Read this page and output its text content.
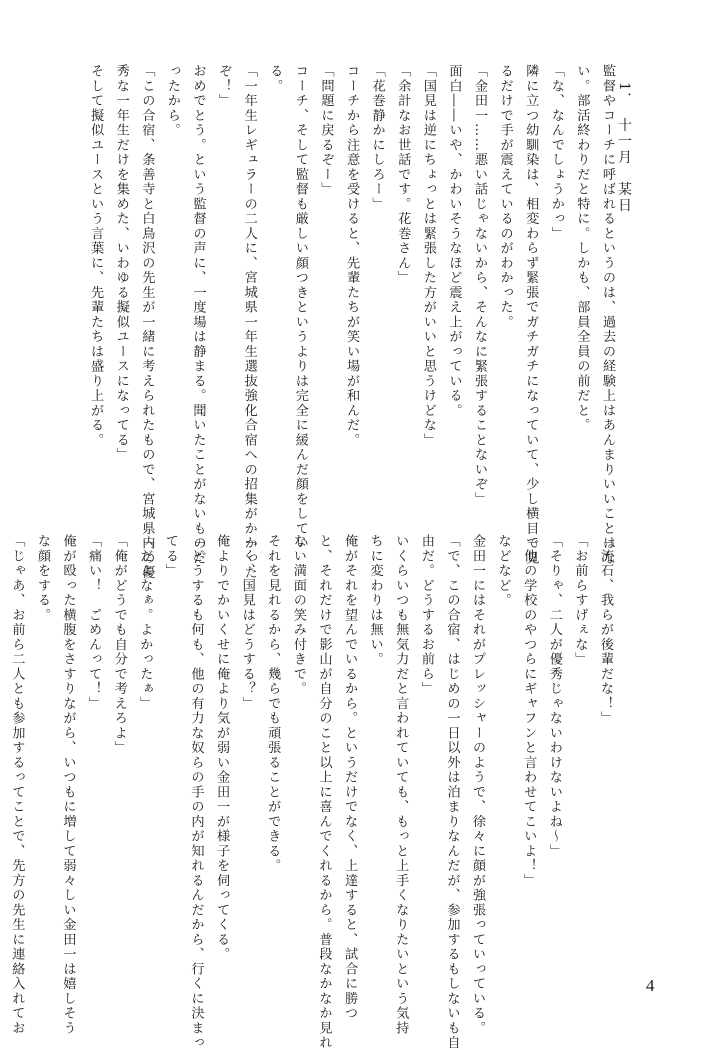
1．　十一月　某日
監督やコーチに呼ばれるというのは、過去の経験上はあんまりいいことはな
い。部活終わりだと特に。しかも、部員全員の前だと。
「な、なんでしょうかっ」
隣に立つ幼馴染は、相変わらず緊張でガチガチになっていて、少し横目で見
るだけで手が震えているのがわかった。
「金田一……悪い話じゃないから、そんなに緊張することないぞ」
面白――いや、かわいそうなほど震え上がっている。
「国見は逆にちょっとは緊張した方がいいと思うけどな」
「余計なお世話です。花巻さん」
「花巻静かにしろー」
コーチから注意を受けると、先輩たちが笑い場が和んだ。
「問題に戻るぞー」
コーチ、そして監督も厳しい顔つきというよりは完全に緩んだ顔をしてい
る。
「一年生レギュラーの二人に、宮城県一年生選抜強化合宿への招集がかかった
ぞ！」
おめでとう。という監督の声に、一度場は静まる。聞いたことがないものだ
ったから。
「この合宿、条善寺と白鳥沢の先生が一緒に考えられたもので、宮城県内の優
秀な一年生だけを集めた、いわゆる擬似ユースになってる」
そして擬似ユースという言葉に、先輩たちは盛り上がる。
「流石、我らが後輩だな！」
「お前らすげぇな」
「そりゃ、二人が優秀じゃないわけないよね〜」
「他の学校のやつらにギャフンと言わせてこいよ！」
などなど。
金田一にはそれがプレッシャーのようで、徐々に顔が強張っていっている。
「で、この合宿、はじめの一日以外は泊まりなんだが、参加するもしないも自
由だ。どうするお前ら」
いくらいつも無気力だと言われていても、もっと上手くなりたいという気持
ちに変わりは無い。
俺がそれを望んでいるから。というだけでなく、上達すると、試合に勝つ
と、それだけで影山が自分のこと以上に喜んでくれるから。普段なかなか見れ
ない満面の笑み付きで。
それを見れるから、幾らでも頑張ることができる。
「く、国見はどうする？」
俺よりでかいくせに俺より気が弱い金田一が様子を伺ってくる。
「どうするも何も、他の有力な奴らの手の内が知れるんだから、行くに決まっ
てる」
「だよなぁ。よかったぁ」
「俺がどうでも自分で考えろよ」
「痛い！　ごめんって！」
俺が殴った横腹をさすりながら、いつもに増して弱々しい金田一は嬉しそう
な顔をする。
「じゃあ、お前ら二人とも参加するってことで、先方の先生に連絡入れてお	4
